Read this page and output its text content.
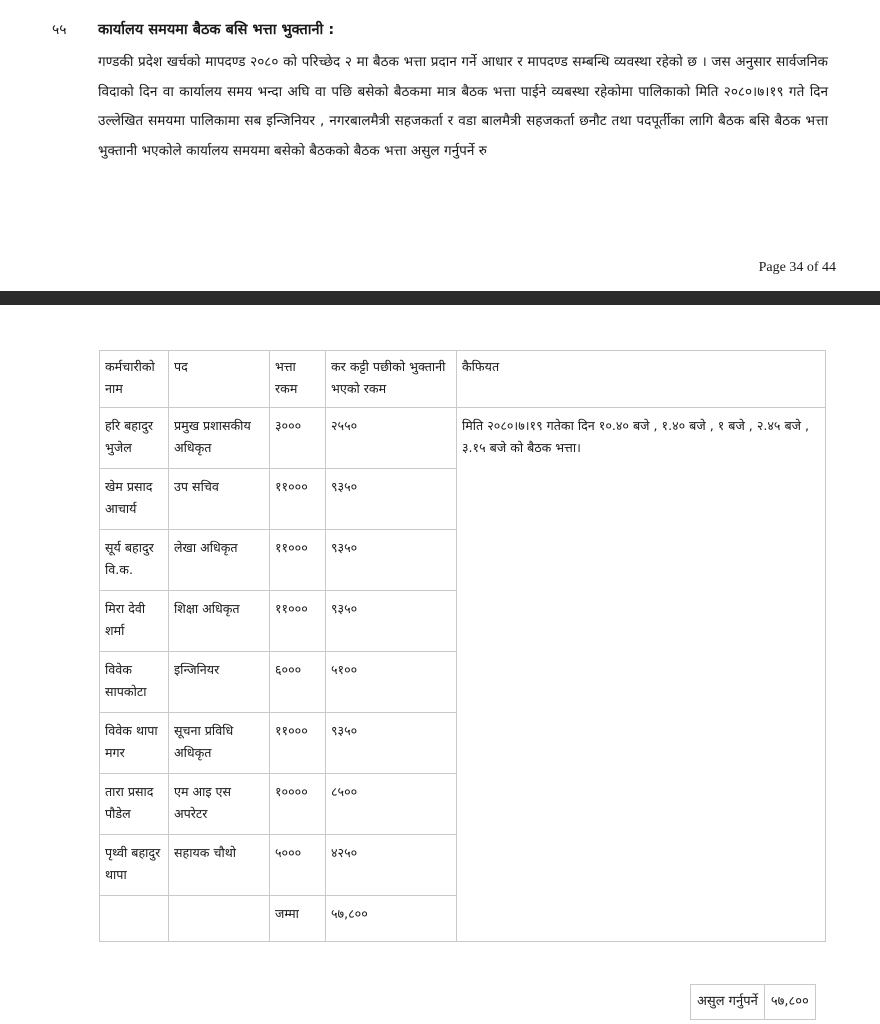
५५ कार्यालय समयमा बैठक बसि भत्ता भुक्तानी :

गण्डकी प्रदेश खर्चको मापदण्ड २०८० को परिच्छेद २ मा बैठक भत्ता प्रदान गर्ने आधार र मापदण्ड सम्बन्धि व्यवस्था रहेको छ । जस अनुसार सार्वजनिक विदाको दिन वा कार्यालय समय भन्दा अघि वा पछि बसेको बैठकमा मात्र बैठक भत्ता पाईने व्यबस्था रहेकोमा पालिकाको मिति २०८०।७।१९ गते दिन उल्लेखित समयमा पालिकामा सब इन्जिनियर , नगरबालमैत्री सहजकर्ता र वडा बालमैत्री सहजकर्ता छनौट तथा पदपूर्तीका लागि बैठक बसि बैठक भत्ता भुक्तानी भएकोले कार्यालय समयमा बसेको बैठकको बैठक भत्ता असुल गर्नुपर्ने रु

Page 34 of 44
कर्मचारीको नाम	पद	भत्ता रकम	कर कट्टी पछीको भुक्तानी भएको रकम	कैफियत
हरि बहादुर भुजेल	प्रमुख प्रशासकीय अधिकृत	३०००	२५५०	मिति २०८०।७।१९ गतेका दिन १०.४० बजे , १.४० बजे , १ बजे , २.४५ बजे , ३.१५ बजे को बैठक भत्ता।
खेम प्रसाद आचार्य	उप सचिव	११०००	९३५०	
सूर्य बहादुर वि.क.	लेखा अधिकृत	११०००	९३५०	
मिरा देवी शर्मा	शिक्षा अधिकृत	११०००	९३५०	
विवेक सापकोटा	इन्जिनियर	६०००	५१००	
विवेक थापा मगर	सूचना प्रविधि अधिकृत	११०००	९३५०	
तारा प्रसाद पौडेल	एम आइ एस अपरेटर	१००००	८५००	
पृथ्वी बहादुर थापा	सहायक चौथो	५०००	४२५०	
		जम्मा	५७,८००	
असुल गर्नुपर्ने	५७,८००
